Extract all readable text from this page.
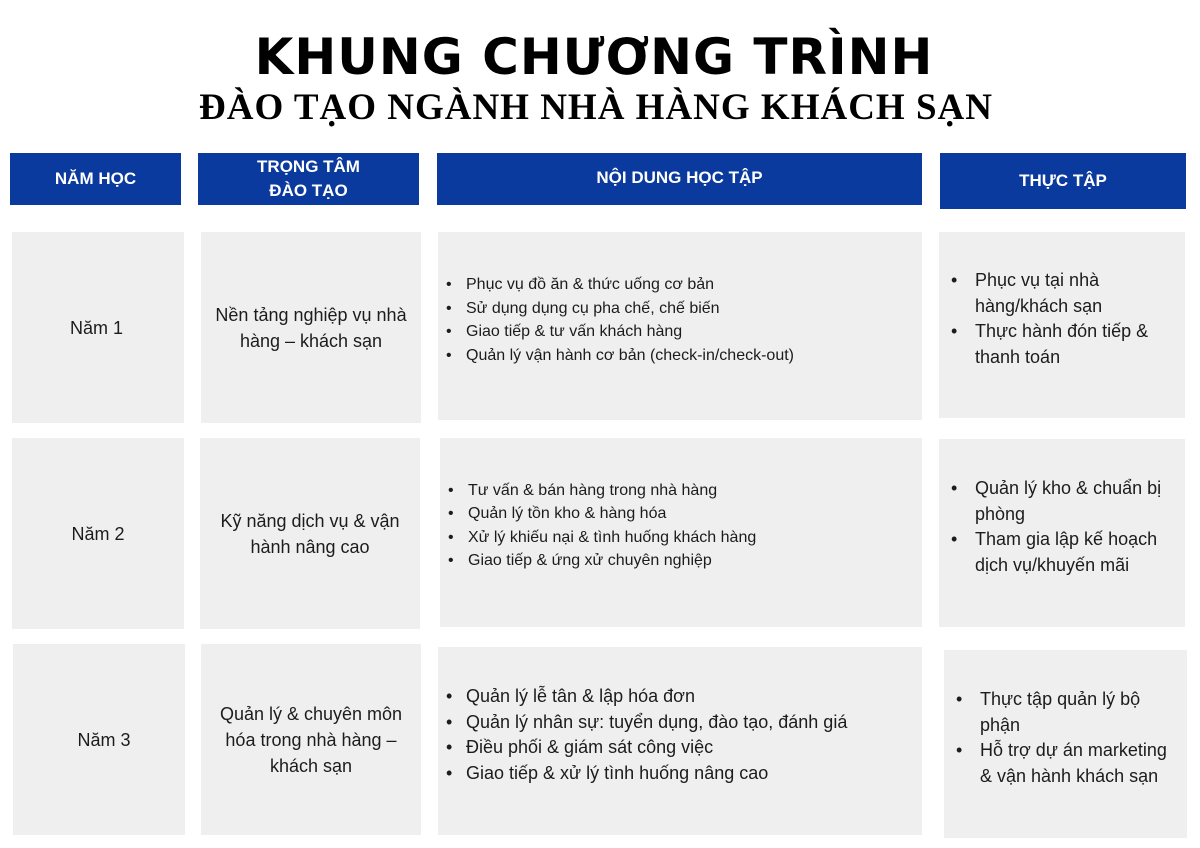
KHUNG CHƯƠNG TRÌNH
ĐÀO TẠO NGÀNH NHÀ HÀNG KHÁCH SẠN
NĂM HỌC
TRỌNG TÂM
ĐÀO TẠO
NỘI DUNG HỌC TẬP	THỰC TẬP
Năm 1
Nền tảng nghiệp vụ nhà hàng – khách sạn
• Phục vụ đồ ăn & thức uống cơ bản
• Sử dụng dụng cụ pha chế, chế biến
• Giao tiếp & tư vấn khách hàng
• Quản lý vận hành cơ bản (check-in/check-out)
• Phục vụ tại nhà hàng/khách sạn
• Thực hành đón tiếp & thanh toán
Năm 2
Kỹ năng dịch vụ & vận hành nâng cao
• Tư vấn & bán hàng trong nhà hàng
• Quản lý tồn kho & hàng hóa
• Xử lý khiếu nại & tình huống khách hàng
• Giao tiếp & ứng xử chuyên nghiệp
• Quản lý kho & chuẩn bị phòng
• Tham gia lập kế hoạch dịch vụ/khuyến mãi
Năm 3
Quản lý & chuyên môn hóa trong nhà hàng – khách sạn
• Quản lý lễ tân & lập hóa đơn
• Quản lý nhân sự: tuyển dụng, đào tạo, đánh giá
• Điều phối & giám sát công việc
• Giao tiếp & xử lý tình huống nâng cao
• Thực tập quản lý bộ phận
• Hỗ trợ dự án marketing & vận hành khách sạn
